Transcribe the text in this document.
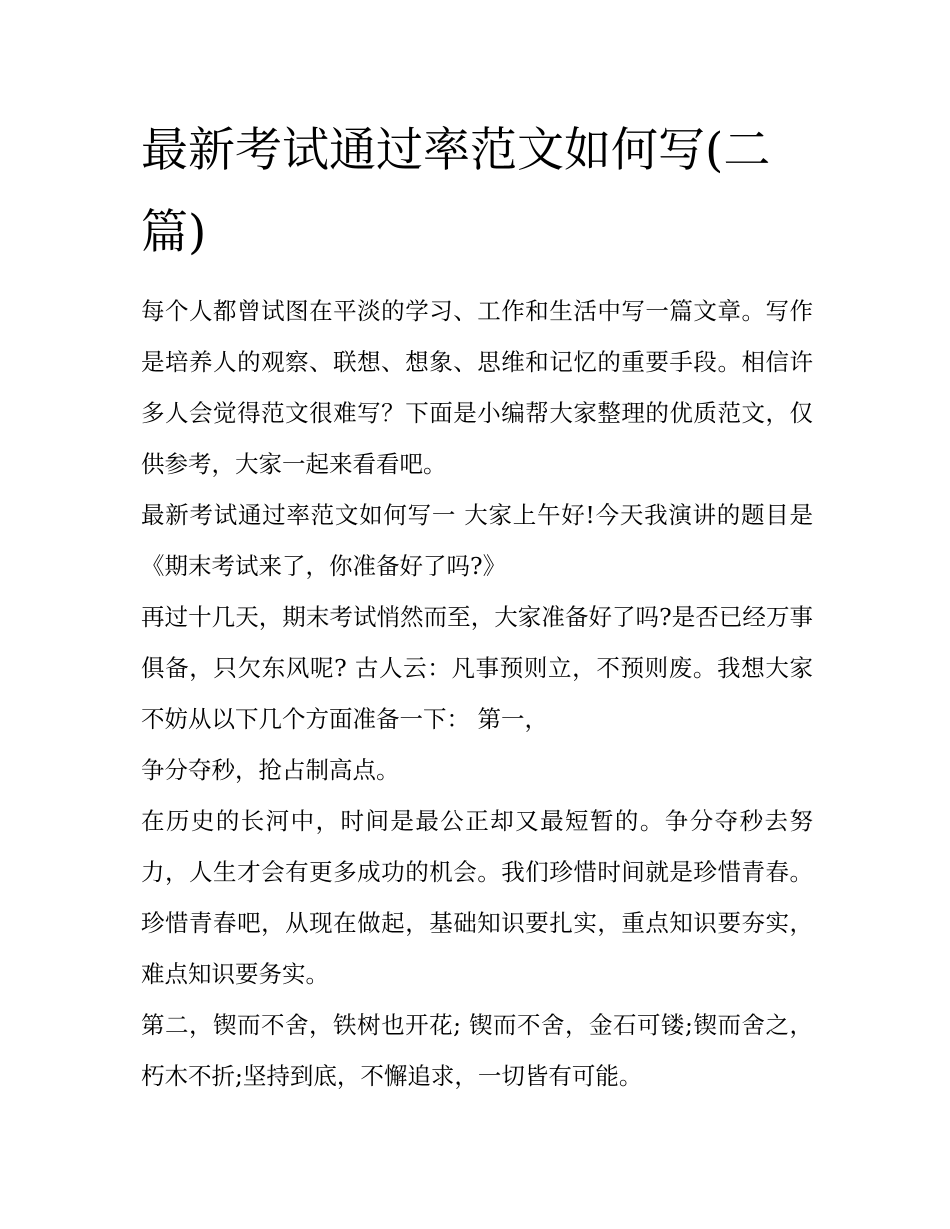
最新考试通过率范文如何写(二篇)

每个人都曾试图在平淡的学习、工作和生活中写一篇文章。写作是培养人的观察、联想、想象、思维和记忆的重要手段。相信许多人会觉得范文很难写？下面是小编帮大家整理的优质范文，仅供参考，大家一起来看看吧。

最新考试通过率范文如何写一 大家上午好!今天我演讲的题目是《期末考试来了，你准备好了吗?》

再过十几天，期末考试悄然而至，大家准备好了吗?是否已经万事俱备，只欠东风呢? 古人云：凡事预则立，不预则废。我想大家不妨从以下几个方面准备一下： 第一，

争分夺秒，抢占制高点。

在历史的长河中，时间是最公正却又最短暂的。争分夺秒去努力，人生才会有更多成功的机会。我们珍惜时间就是珍惜青春。珍惜青春吧，从现在做起，基础知识要扎实，重点知识要夯实，难点知识要务实。

第二，锲而不舍，铁树也开花; 锲而不舍，金石可镂;锲而舍之，朽木不折;坚持到底，不懈追求，一切皆有可能。
